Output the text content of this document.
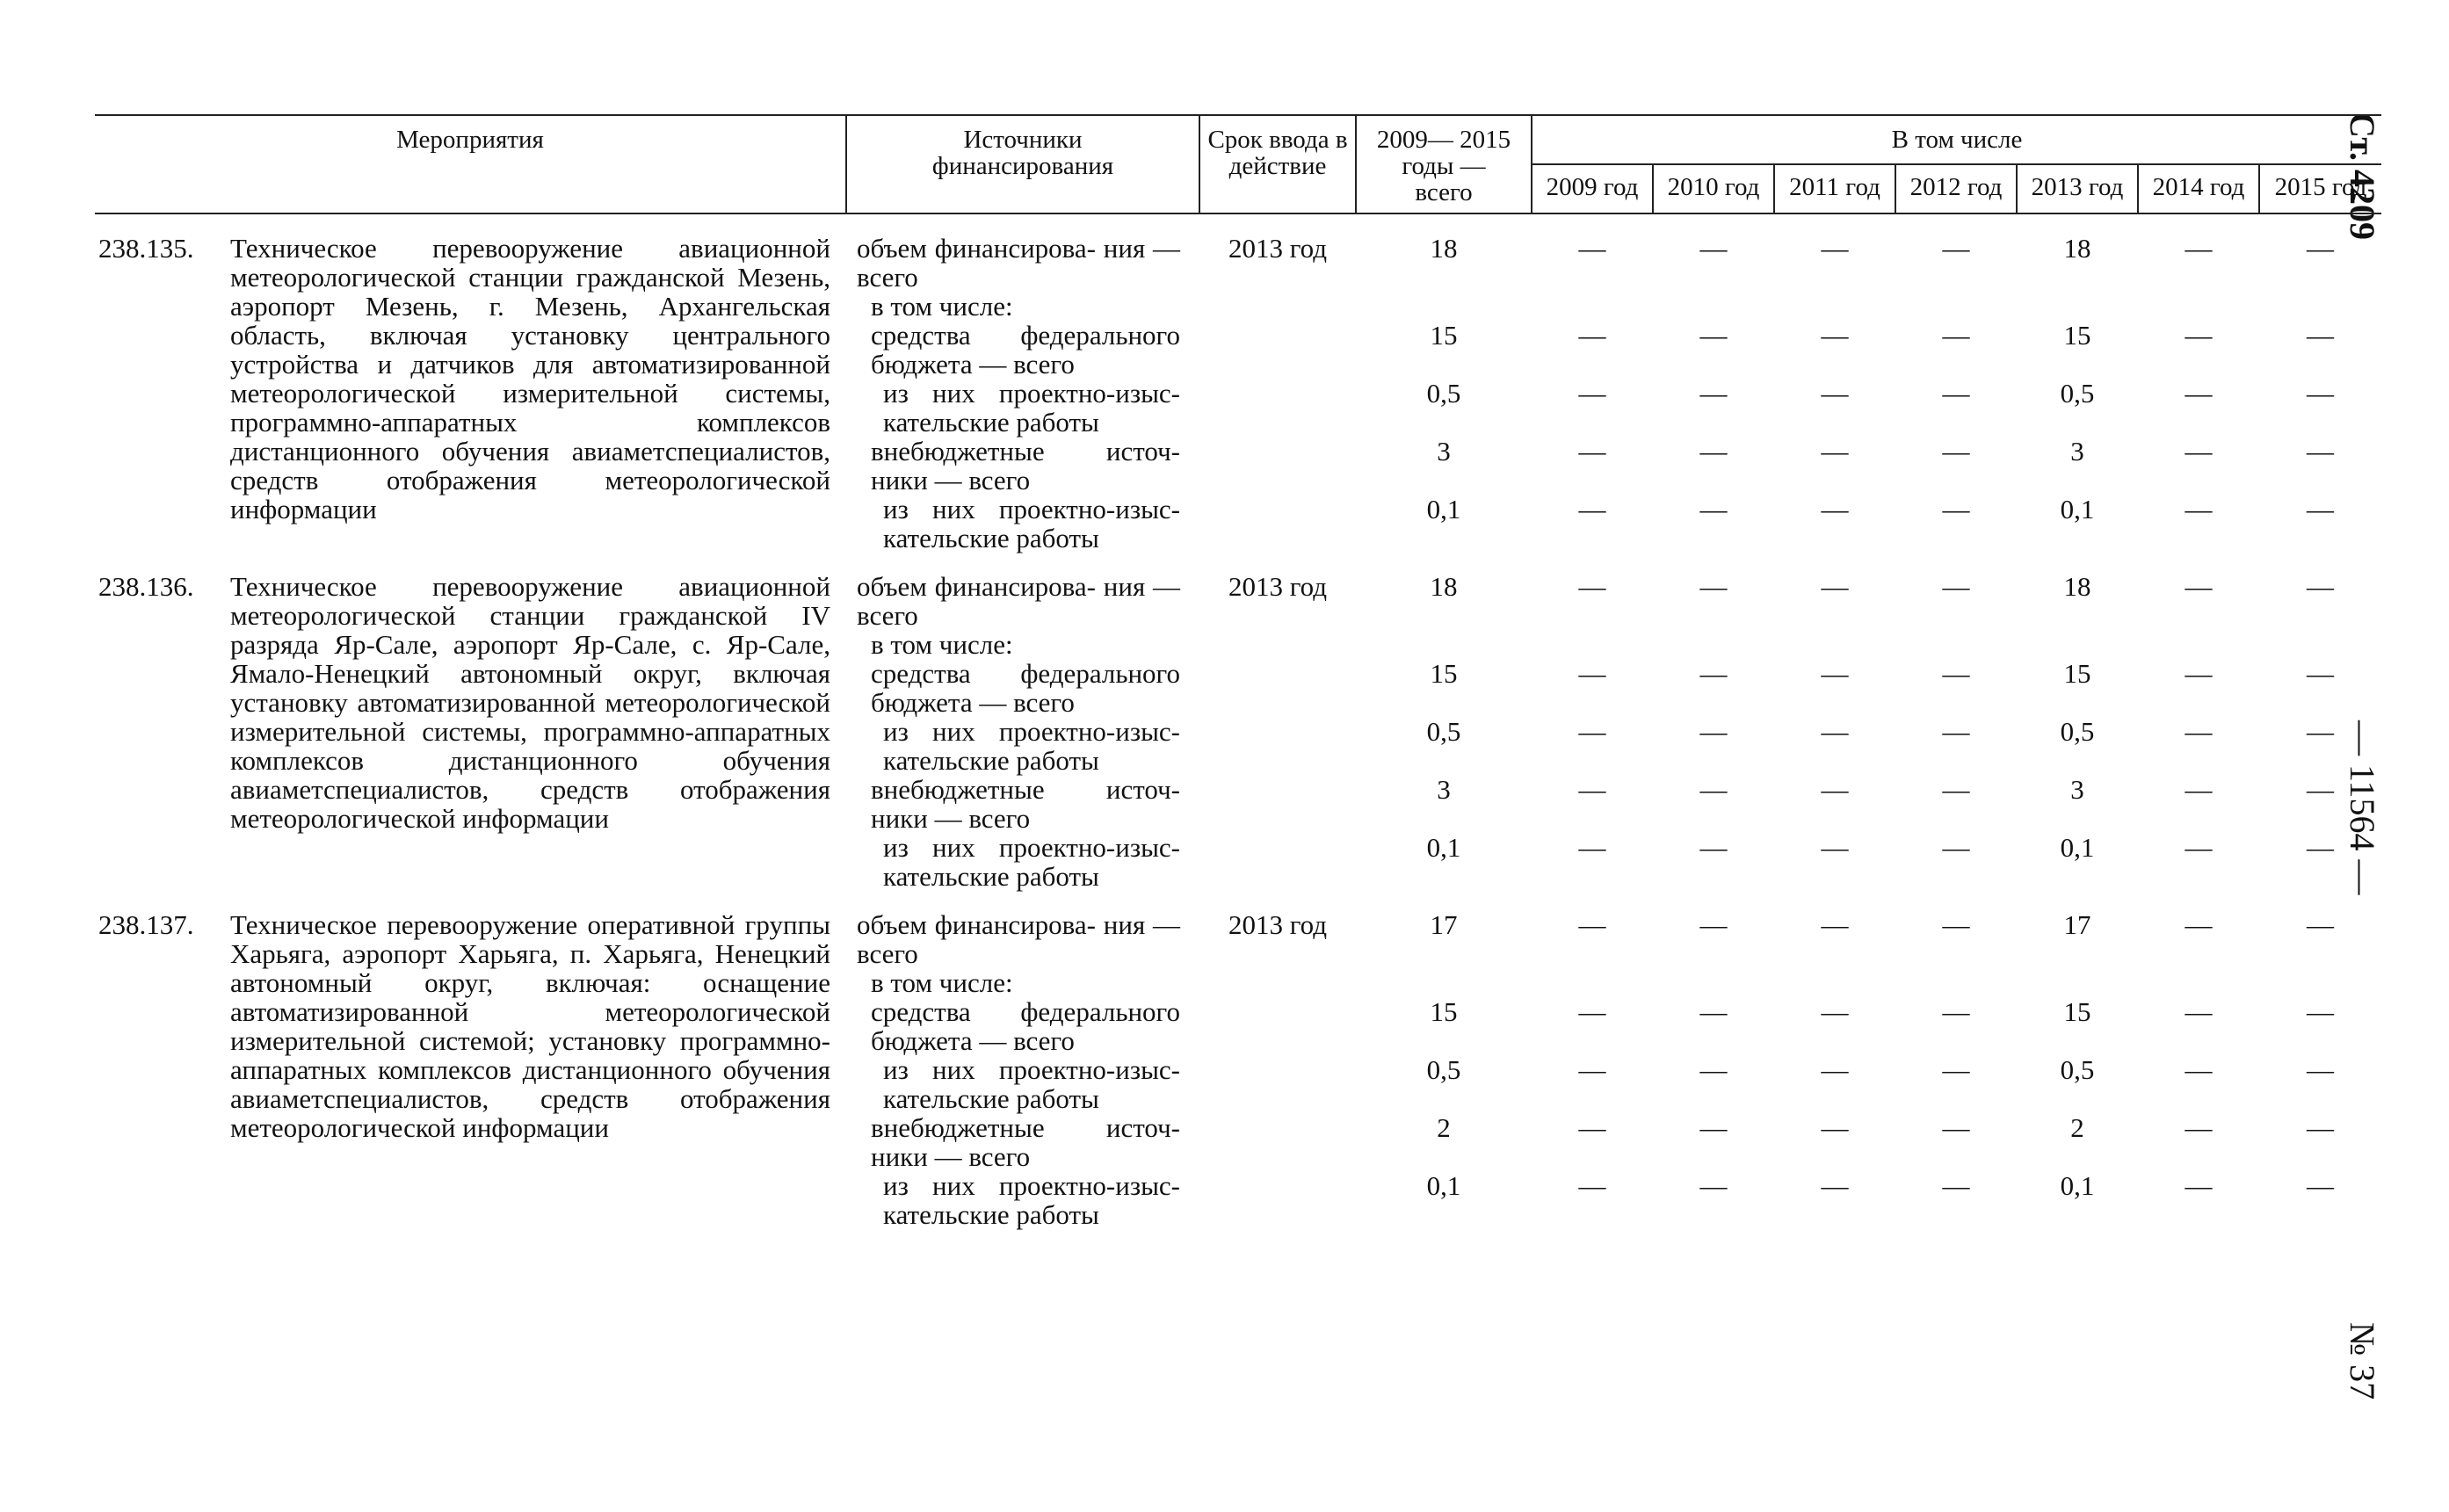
Ст. 4209
— 11564 —
№ 37
Мероприятия		Источники финансирования	Срок ввода в действие	2009— 2015 годы — всего	В том числе						
					2009 год	2010 год	2011 год	2012 год	2013 год	2014 год	2015 год

238.135.	Техническое перевооружение авиационной метеорологической станции гражданской Мезень, аэропорт Мезень, г. Мезень, Архангельская область, включая установку центрального устройства и датчиков для автоматизированной метеорологической измерительной системы, программно-аппаратных комплексов дистанционного обучения авиаметспециалистов, средств отображения метеорологической информации	объем финансирова- ния — всего	2013 год	18	—	—	—	—	18	—	—
		в том числе:									
		средства федерального бюджета — всего		15	—	—	—	—	15	—	—
		из них проектно-изыс- кательские работы		0,5	—	—	—	—	0,5	—	—
		внебюджетные источ- ники — всего		3	—	—	—	—	3	—	—
		из них проектно-изыс- кательские работы		0,1	—	—	—	—	0,1	—	—

238.136.	Техническое перевооружение авиационной метеорологической станции гражданской IV разряда Яр-Сале, аэропорт Яр-Сале, с. Яр-Сале, Ямало-Ненецкий автономный округ, включая установку автоматизированной метеорологической измерительной системы, программно-аппаратных комплексов дистанционного обучения авиаметспециалистов, средств отображения метеорологической информации	объем финансирова- ния — всего	2013 год	18	—	—	—	—	18	—	—
		в том числе:									
		средства федерального бюджета — всего		15	—	—	—	—	15	—	—
		из них проектно-изыс- кательские работы		0,5	—	—	—	—	0,5	—	—
		внебюджетные источ- ники — всего		3	—	—	—	—	3	—	—
		из них проектно-изыс- кательские работы		0,1	—	—	—	—	0,1	—	—

238.137.	Техническое перевооружение оперативной группы Харьяга, аэропорт Харьяга, п. Харьяга, Ненецкий автономный округ, включая: оснащение автоматизированной метеорологической измерительной системой; установку программно-аппаратных комплексов дистанционного обучения авиаметспециалистов, средств отображения метеорологической информации	объем финансирова- ния — всего	2013 год	17	—	—	—	—	17	—	—
		в том числе:									
		средства федерального бюджета — всего		15	—	—	—	—	15	—	—
		из них проектно-изыс- кательские работы		0,5	—	—	—	—	0,5	—	—
		внебюджетные источ- ники — всего		2	—	—	—	—	2	—	—
		из них проектно-изыс- кательские работы		0,1	—	—	—	—	0,1	—	—
